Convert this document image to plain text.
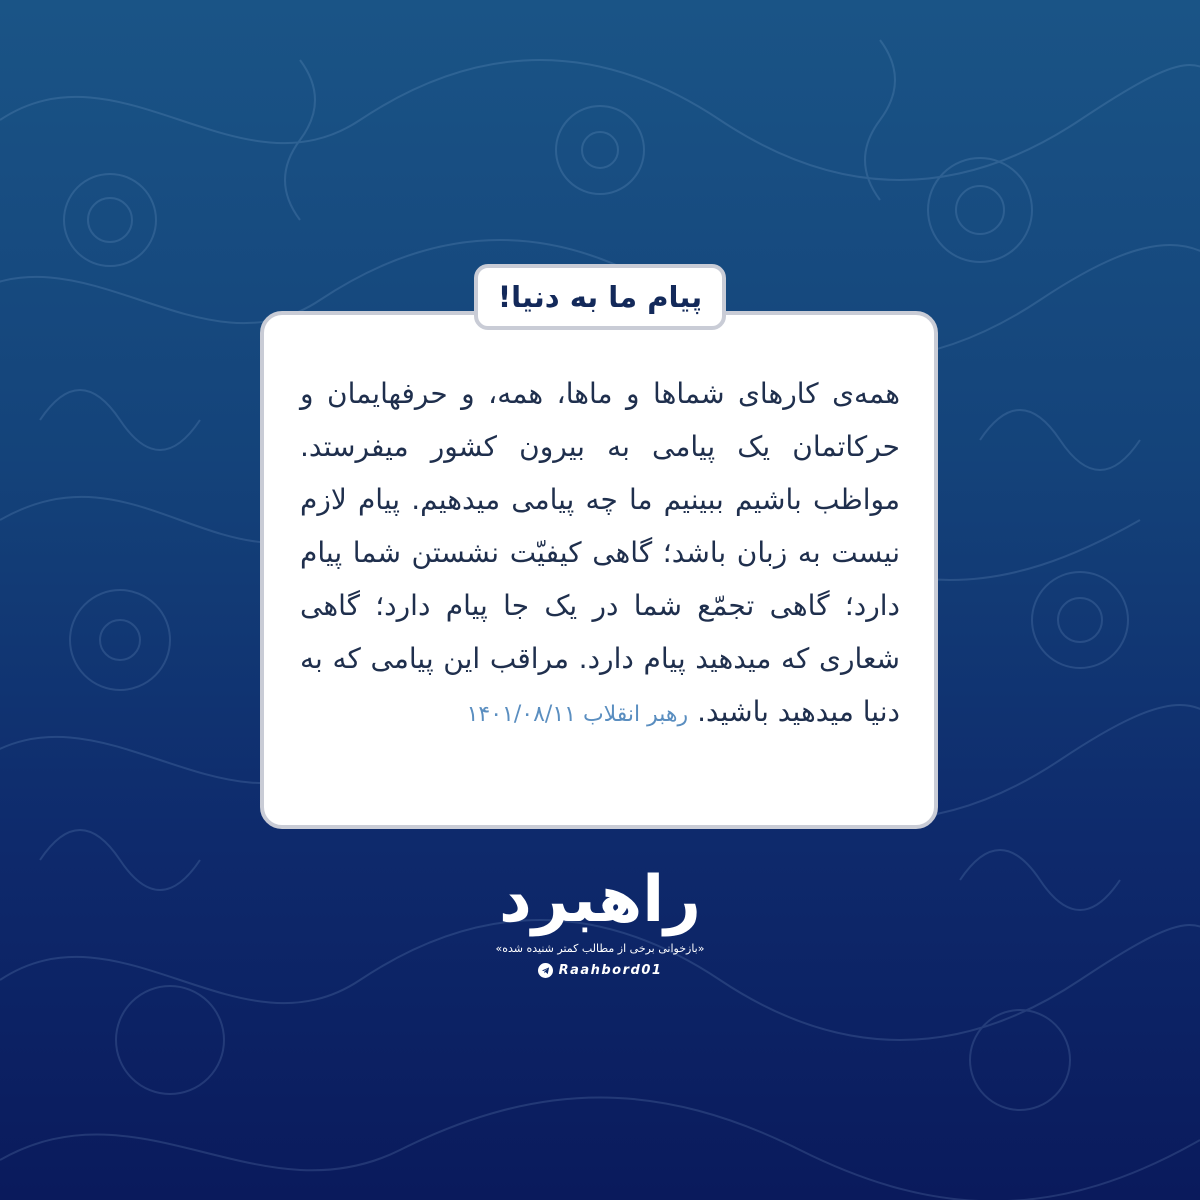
پیام ما به دنیا!

همه‌ی کارهای شماها و ماها، همه، و حرفهایمان و حرکاتمان یک پیامی به بیرون کشور میفرستد. مواظب باشیم ببینیم ما چه پیامی میدهیم. پیام لازم نیست به زبان باشد؛ گاهی کیفیّت نشستن شما پیام دارد؛ گاهی تجمّع شما در یک جا پیام دارد؛ گاهی شعاری که میدهید پیام دارد. مراقب این پیامی که به دنیا میدهید باشید. رهبر انقلاب ۱۴۰۱/۰۸/۱۱

راهبرد
«بازخوانی برخی از مطالب کمتر شنیده شده»
Raahbord01
